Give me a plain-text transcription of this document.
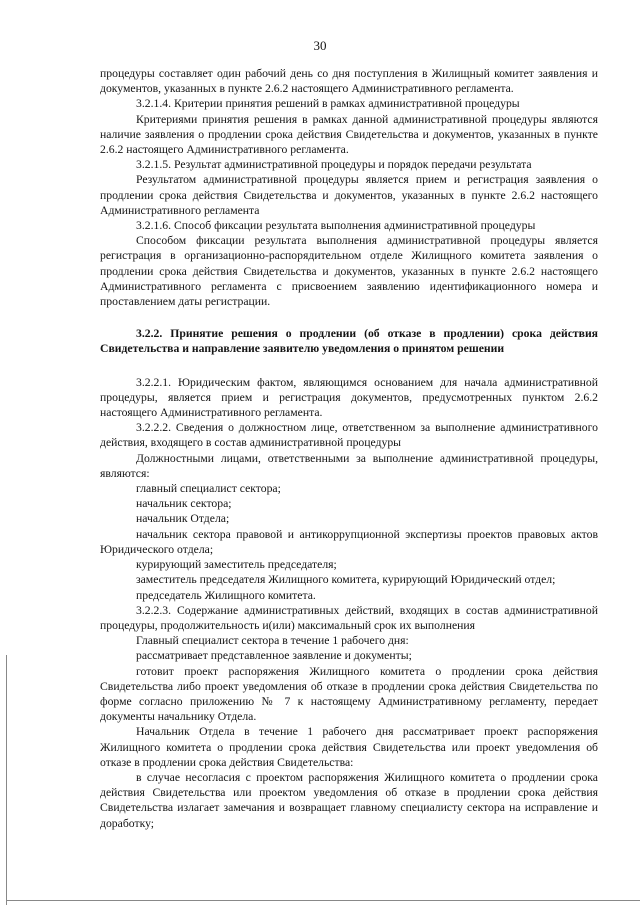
30

процедуры составляет один рабочий день со дня поступления в Жилищный комитет заявления и документов, указанных в пункте 2.6.2 настоящего Административного регламента.

3.2.1.4. Критерии принятия решений в рамках административной процедуры

Критериями принятия решения в рамках данной административной процедуры являются наличие заявления о продлении срока действия Свидетельства и документов, указанных в пункте 2.6.2 настоящего Административного регламента.

3.2.1.5. Результат административной процедуры и порядок передачи результата

Результатом административной процедуры является прием и регистрация заявления о продлении срока действия Свидетельства и документов, указанных в пункте 2.6.2 настоящего Административного регламента

3.2.1.6. Способ фиксации результата выполнения административной процедуры

Способом фиксации результата выполнения административной процедуры является регистрация в организационно-распорядительном отделе Жилищного комитета заявления о продлении срока действия Свидетельства и документов, указанных в пункте 2.6.2 настоящего Административного регламента с присвоением заявлению идентификационного номера и проставлением даты регистрации.

3.2.2. Принятие решения о продлении (об отказе в продлении) срока действия Свидетельства и направление заявителю уведомления о принятом решении

3.2.2.1. Юридическим фактом, являющимся основанием для начала административной процедуры, является прием и регистрация документов, предусмотренных пунктом 2.6.2 настоящего Административного регламента.

3.2.2.2. Сведения о должностном лице, ответственном за выполнение административного действия, входящего в состав административной процедуры

Должностными лицами, ответственными за выполнение административной процедуры, являются:

главный специалист сектора;

начальник сектора;

начальник Отдела;

начальник сектора правовой и антикоррупционной экспертизы проектов правовых актов Юридического отдела;

курирующий заместитель председателя;

заместитель председателя Жилищного комитета, курирующий Юридический отдел;

председатель Жилищного комитета.

3.2.2.3. Содержание административных действий, входящих в состав административной процедуры, продолжительность и(или) максимальный срок их выполнения

Главный специалист сектора в течение 1 рабочего дня:

рассматривает представленное заявление и документы;

готовит проект распоряжения Жилищного комитета о продлении срока действия Свидетельства либо проект уведомления об отказе в продлении срока действия Свидетельства по форме согласно приложению № 7 к настоящему Административному регламенту, передает документы начальнику Отдела.

Начальник Отдела в течение 1 рабочего дня рассматривает проект распоряжения Жилищного комитета о продлении срока действия Свидетельства или проект уведомления об отказе в продлении срока действия Свидетельства:

в случае несогласия с проектом распоряжения Жилищного комитета о продлении срока действия Свидетельства или проектом уведомления об отказе в продлении срока действия Свидетельства излагает замечания и возвращает главному специалисту сектора на исправление и доработку;
